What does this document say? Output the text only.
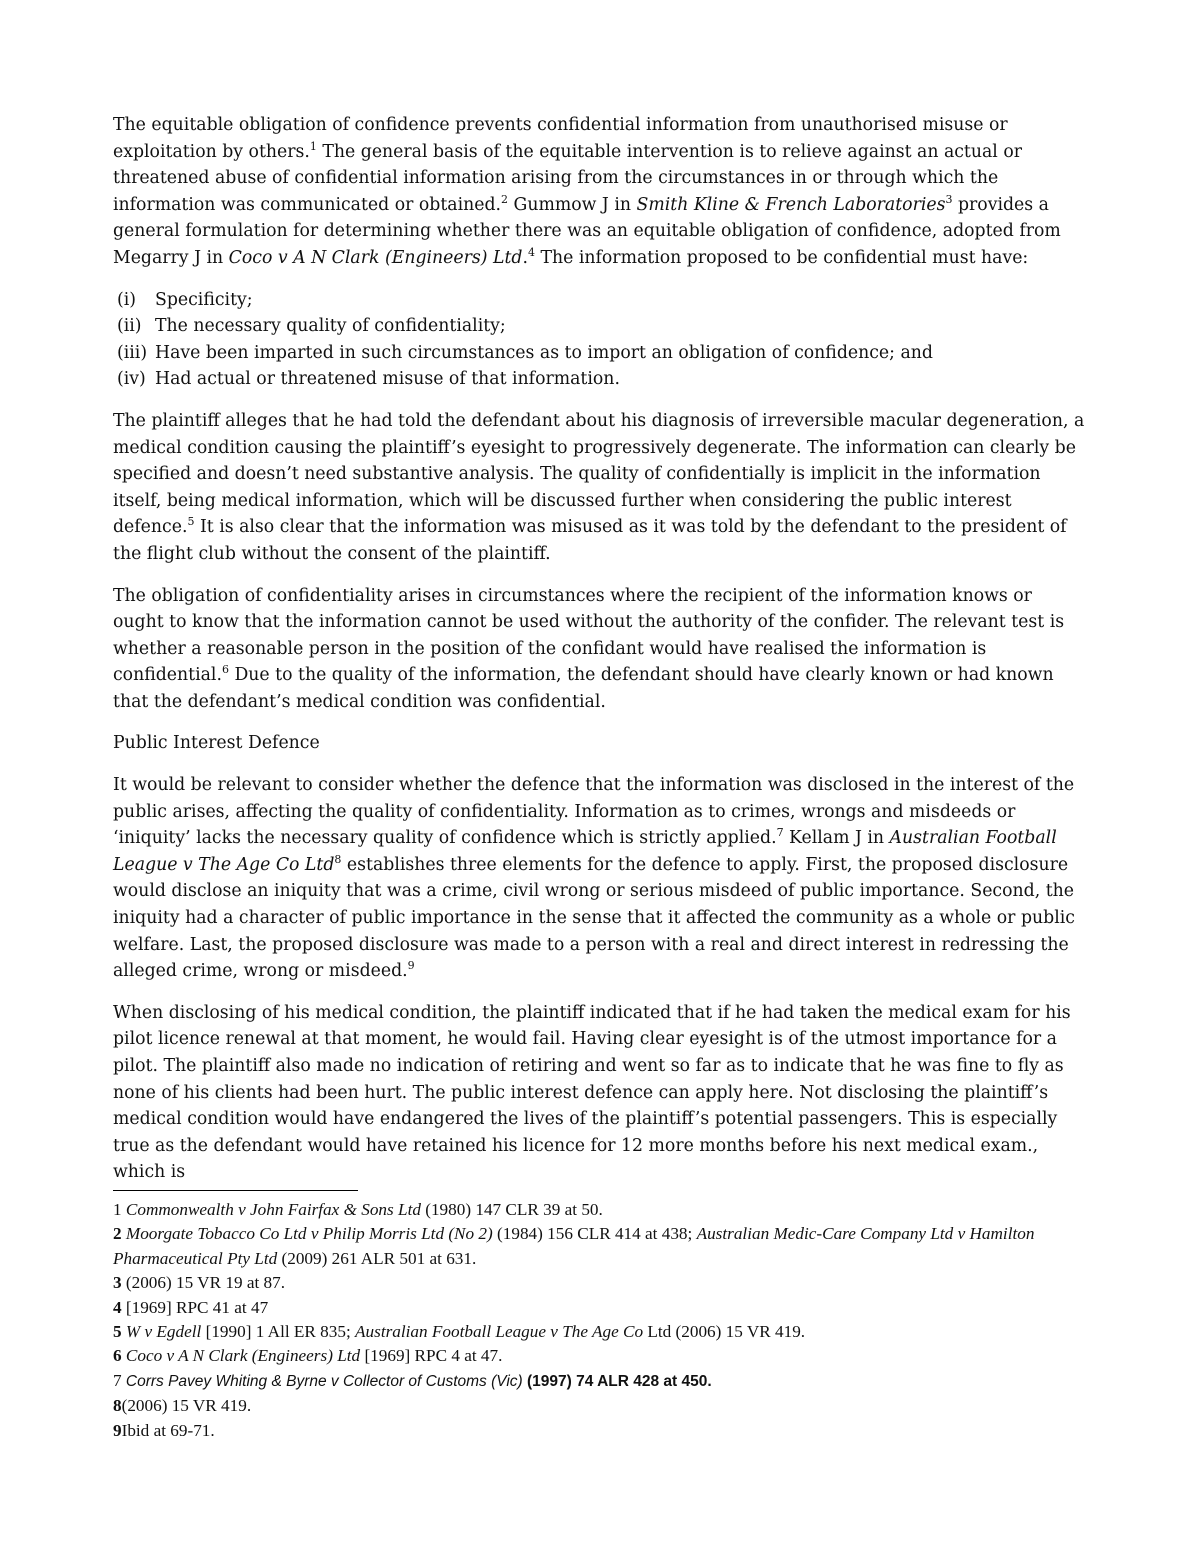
The equitable obligation of confidence prevents confidential information from unauthorised misuse or exploitation by others.$^1$ The general basis of the equitable intervention is to relieve against an actual or threatened abuse of confidential information arising from the circumstances in or through which the information was communicated or obtained.$^2$ Gummow J in Smith Kline & French Laboratories$^3$ provides a general formulation for determining whether there was an equitable obligation of confidence, adopted from Megarry J in Coco v A N Clark (Engineers) Ltd.$^4$ The information proposed to be confidential must have:

(i)	Specificity;
(ii) The necessary quality of confidentiality;
(iii) Have been imparted in such circumstances as to import an obligation of confidence; and
(iv) Had actual or threatened misuse of that information.

The plaintiff alleges that he had told the defendant about his diagnosis of irreversible macular degeneration, a medical condition causing the plaintiff’s eyesight to progressively degenerate. The information can clearly be specified and doesn’t need substantive analysis. The quality of confidentially is implicit in the information itself, being medical information, which will be discussed further when considering the public interest defence.$^5$ It is also clear that the information was misused as it was told by the defendant to the president of the flight club without the consent of the plaintiff.

The obligation of confidentiality arises in circumstances where the recipient of the information knows or ought to know that the information cannot be used without the authority of the confider. The relevant test is whether a reasonable person in the position of the confidant would have realised the information is confidential.$^6$ Due to the quality of the information, the defendant should have clearly known or had known that the defendant’s medical condition was confidential.

Public Interest Defence

It would be relevant to consider whether the defence that the information was disclosed in the interest of the public arises, affecting the quality of confidentiality. Information as to crimes, wrongs and misdeeds or ‘iniquity’ lacks the necessary quality of confidence which is strictly applied.$^7$ Kellam J in Australian Football League v The Age Co Ltd$^8$ establishes three elements for the defence to apply. First, the proposed disclosure would disclose an iniquity that was a crime, civil wrong or serious misdeed of public importance. Second, the iniquity had a character of public importance in the sense that it affected the community as a whole or public welfare. Last, the proposed disclosure was made to a person with a real and direct interest in redressing the alleged crime, wrong or misdeed.$^9$

When disclosing of his medical condition, the plaintiff indicated that if he had taken the medical exam for his pilot licence renewal at that moment, he would fail. Having clear eyesight is of the utmost importance for a pilot. The plaintiff also made no indication of retiring and went so far as to indicate that he was fine to fly as none of his clients had been hurt. The public interest defence can apply here. Not disclosing the plaintiff’s medical condition would have endangered the lives of the plaintiff’s potential passengers. This is especially true as the defendant would have retained his licence for 12 more months before his next medical exam., which is

1 Commonwealth v John Fairfax & Sons Ltd (1980) 147 CLR 39 at 50.

2 Moorgate Tobacco Co Ltd v Philip Morris Ltd (No 2) (1984) 156 CLR 414 at 438; Australian Medic-Care Company Ltd v Hamilton Pharmaceutical Pty Ltd (2009) 261 ALR 501 at 631.

3 (2006) 15 VR 19 at 87.

4 [1969] RPC 41 at 47

5 W v Egdell [1990] 1 All ER 835; Australian Football League v The Age Co Ltd (2006) 15 VR 419.

6 Coco v A N Clark (Engineers) Ltd [1969] RPC 4 at 47.

7 Corrs Pavey Whiting & Byrne v Collector of Customs (Vic) (1997) 74 ALR 428 at 450.

8(2006) 15 VR 419.

9Ibid at 69-71.
